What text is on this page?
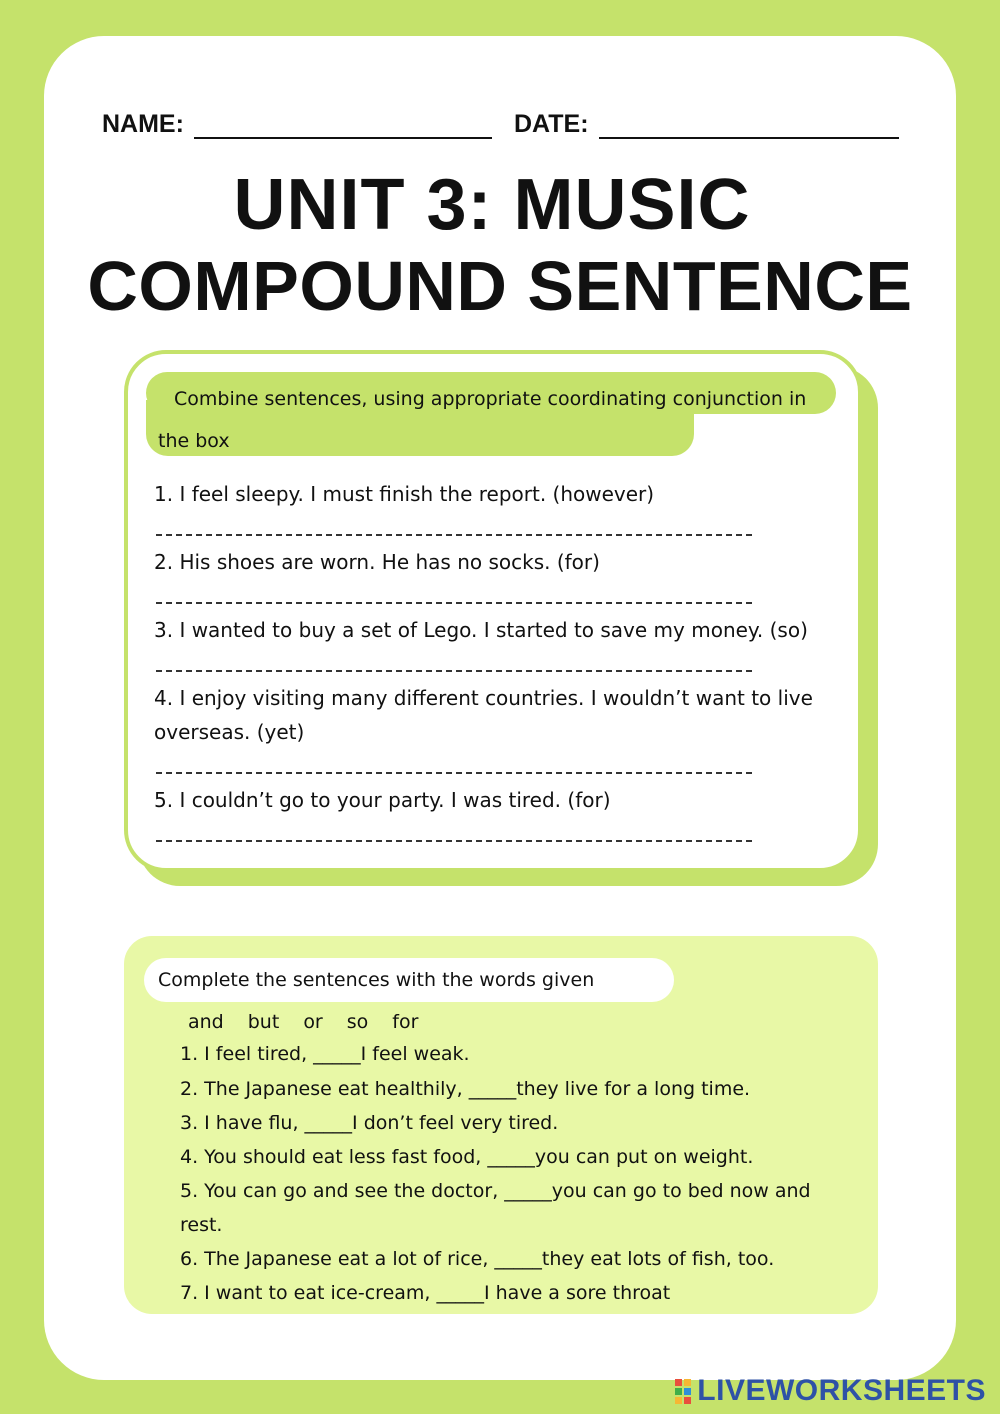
NAME:	DATE:
UNIT 3: MUSIC
COMPOUND SENTENCE
Combine sentences, using appropriate coordinating conjunction in the box
1. I feel sleepy. I must finish the report. (however)
2. His shoes are worn. He has no socks. (for)
3. I wanted to buy a set of Lego. I started to save my money. (so)
4. I enjoy visiting many different countries. I wouldn’t want to live
overseas. (yet)
5. I couldn’t go to your party. I was tired. (for)
Complete the sentences with the words given
and but or so for
1. I feel tired, _____I feel weak.
2. The Japanese eat healthily, _____they live for a long time.
3. I have flu, _____I don’t feel very tired.
4. You should eat less fast food, _____you can put on weight.
5. You can go and see the doctor, _____you can go to bed now and
rest.
6. The Japanese eat a lot of rice, _____they eat lots of fish, too.
7. I want to eat ice-cream, _____I have a sore throat
LIVEWORKSHEETS
